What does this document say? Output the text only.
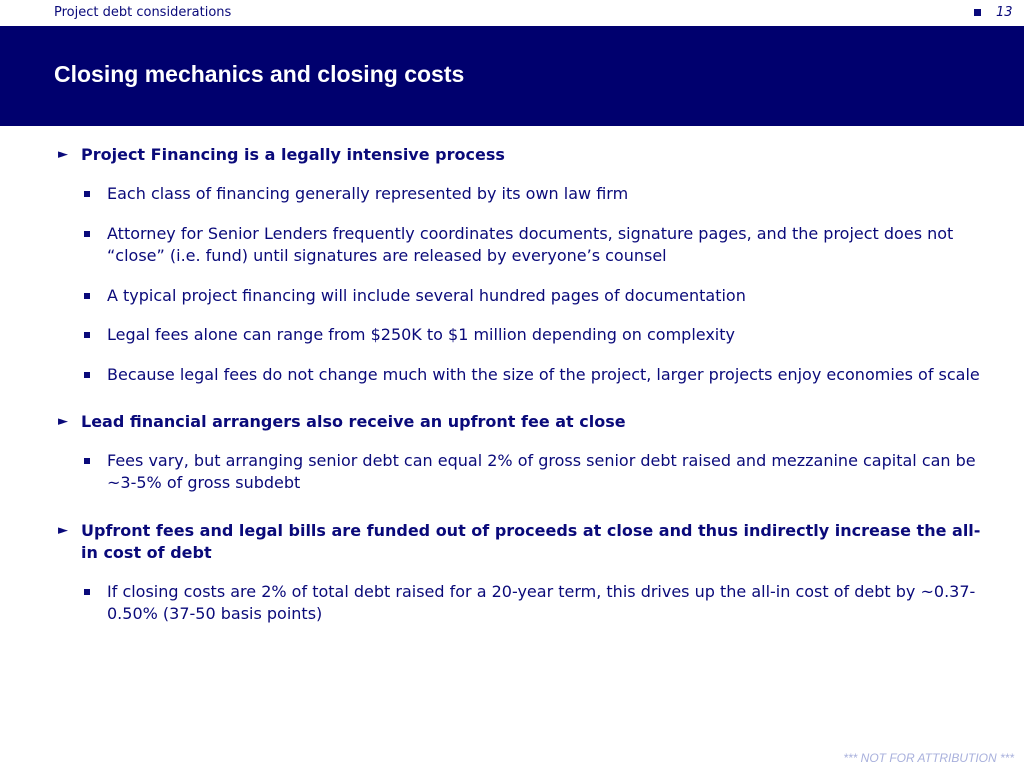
Project debt considerations	13
Closing mechanics and closing costs
► Project Financing is a legally intensive process
Each class of financing generally represented by its own law firm
Attorney for Senior Lenders frequently coordinates documents, signature pages, and the project does not “close” (i.e. fund) until signatures are released by everyone’s counsel
A typical project financing will include several hundred pages of documentation
Legal fees alone can range from $250K to $1 million depending on complexity
Because legal fees do not change much with the size of the project, larger projects enjoy economies of scale
► Lead financial arrangers also receive an upfront fee at close
Fees vary, but arranging senior debt can equal 2% of gross senior debt raised and mezzanine capital can be ~3-5% of gross subdebt
► Upfront fees and legal bills are funded out of proceeds at close and thus indirectly increase the all-in cost of debt
If closing costs are 2% of total debt raised for a 20-year term, this drives up the all-in cost of debt by ~0.37-0.50% (37-50 basis points)
*** NOT FOR ATTRIBUTION ***
